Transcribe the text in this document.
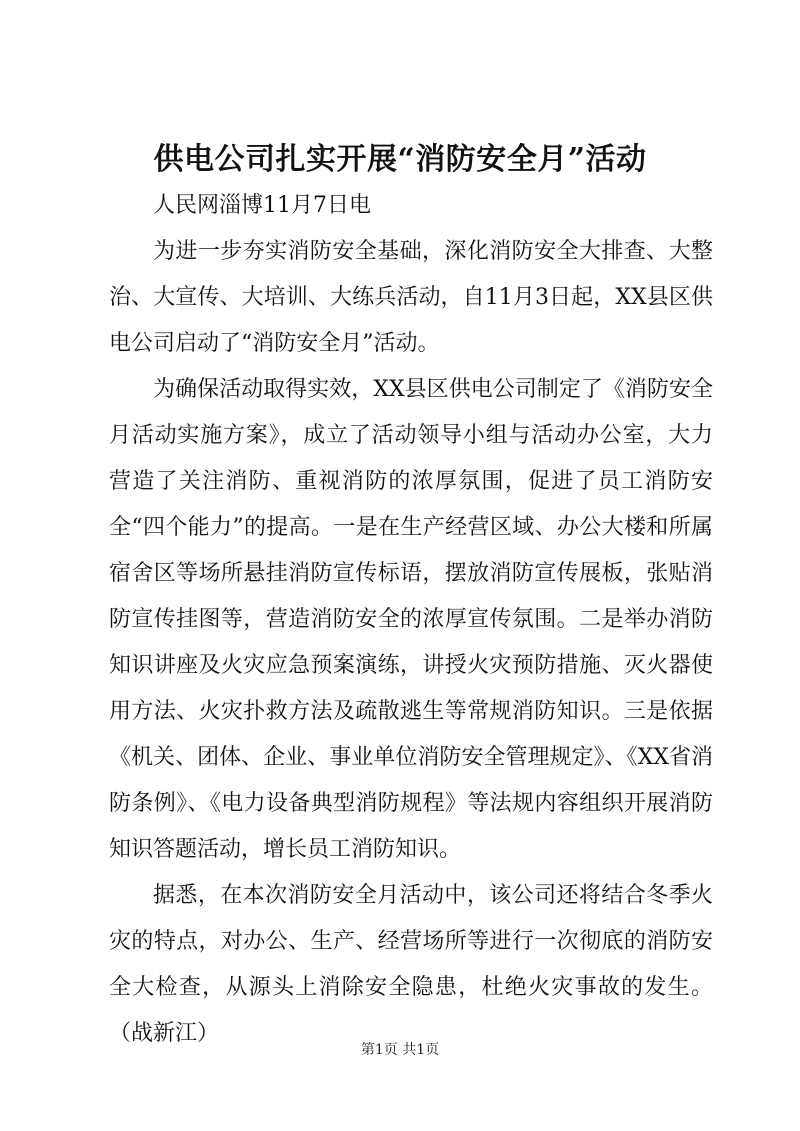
供电公司扎实开展“消防安全月”活动

人民网淄博11月7日电

为进一步夯实消防安全基础，深化消防安全大排查、大整治、大宣传、大培训、大练兵活动，自11月3日起，XX县区供电公司启动了“消防安全月”活动。

为确保活动取得实效，XX县区供电公司制定了《消防安全月活动实施方案》，成立了活动领导小组与活动办公室，大力营造了关注消防、重视消防的浓厚氛围，促进了员工消防安全“四个能力”的提高。一是在生产经营区域、办公大楼和所属宿舍区等场所悬挂消防宣传标语，摆放消防宣传展板，张贴消防宣传挂图等，营造消防安全的浓厚宣传氛围。二是举办消防知识讲座及火灾应急预案演练，讲授火灾预防措施、灭火器使用方法、火灾扑救方法及疏散逃生等常规消防知识。三是依据《机关、团体、企业、事业单位消防安全管理规定》、《XX省消防条例》、《电力设备典型消防规程》等法规内容组织开展消防知识答题活动，增长员工消防知识。

据悉，在本次消防安全月活动中，该公司还将结合冬季火灾的特点，对办公、生产、经营场所等进行一次彻底的消防安全大检查，从源头上消除安全隐患，杜绝火灾事故的发生。（战新江）

第1页 共1页
